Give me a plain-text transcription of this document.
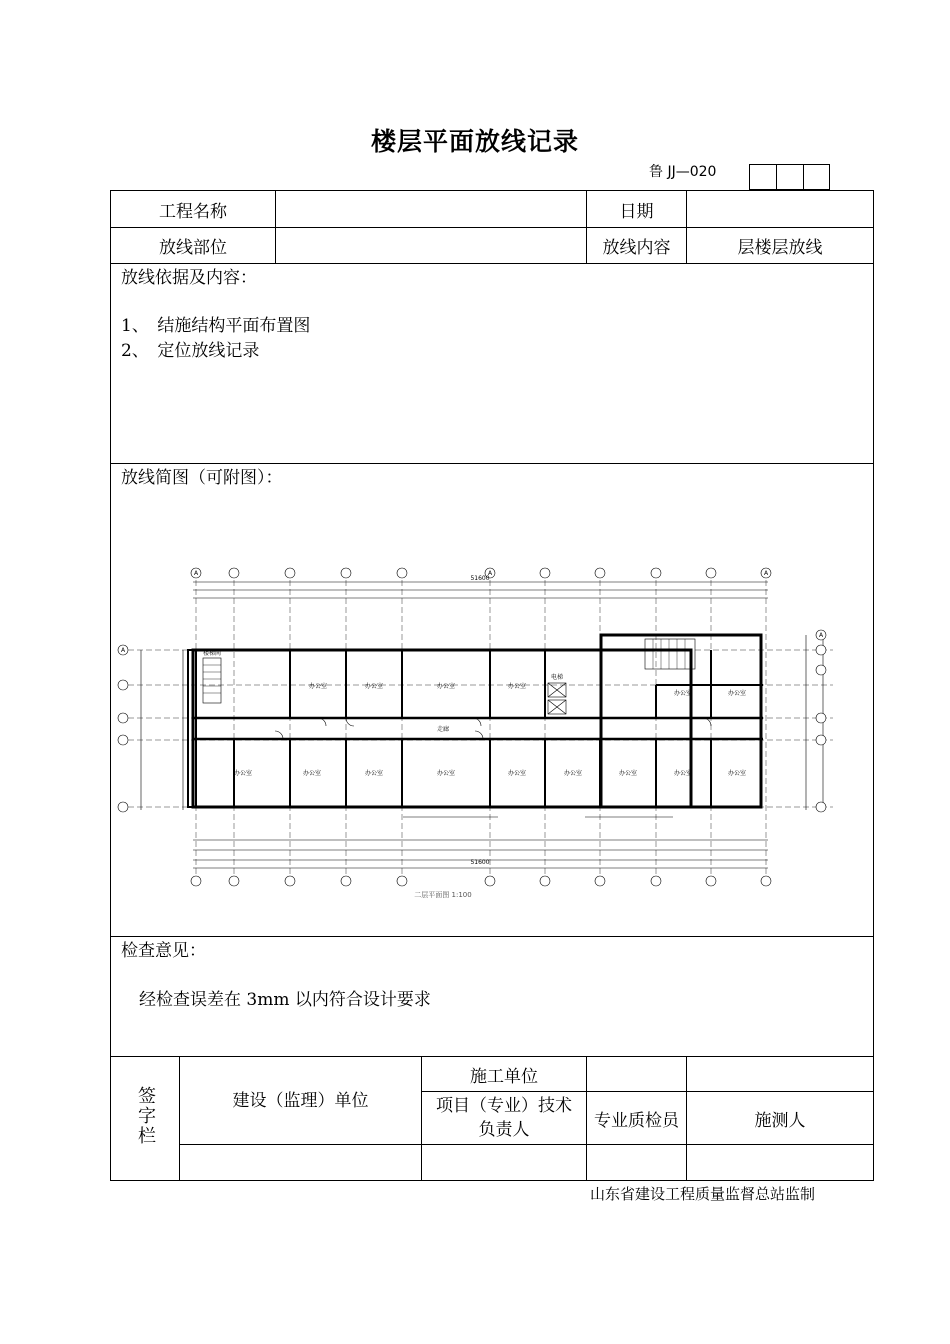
楼层平面放线记录
鲁 JJ—020
工程名称				日期	
放线部位				放线内容	层楼层放线

放线依据及内容：
1、　结施结构平面布置图
2、　定位放线记录					

放线简图（可附图）：					

检查意见：
经检查误差在 3mm 以内符合设计要求					

签字栏	建设（监理）单位		施工单位		
			项目（专业）技术负责人	专业质检员	施测人

A	A	A
A
A
51600
51600
办公室	办公室	办公室	办公室
办公室	办公室
办公室	办公室	办公室	办公室	办公室	办公室	办公室	办公室	办公室
楼梯间
电梯
走廊
二层平面图 1:100
山东省建设工程质量监督总站监制
